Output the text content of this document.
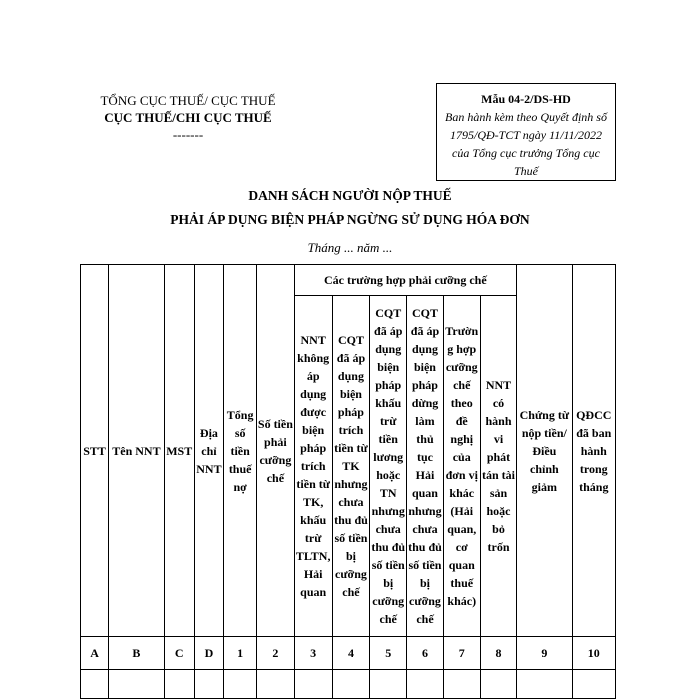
TỔNG CỤC THUẾ/ CỤC THUẾ
CỤC THUẾ/CHI CỤC THUẾ
-------
Mẫu 04-2/DS-HD
Ban hành kèm theo Quyết định số 1795/QĐ-TCT ngày 11/11/2022 của Tổng cục trưởng Tổng cục Thuế
DANH SÁCH NGƯỜI NỘP THUẾ
PHẢI ÁP DỤNG BIỆN PHÁP NGỪNG SỬ DỤNG HÓA ĐƠN
Tháng ... năm ...
STT	Tên NNT	MST	Địa chỉ NNT	Tổng số tiền thuế nợ	Số tiền phải cưỡng chế	Các trường hợp phải cưỡng chế						Chứng từ nộp tiền/Điều chỉnh giảm	QĐCC đã ban hành trong tháng
						NNT không áp dụng được biện pháp trích tiền từ TK, khấu trừ TLTN, Hải quan	CQT đã áp dụng biện pháp trích tiền từ TK nhưng chưa thu đủ số tiền bị cưỡng chế	CQT đã áp dụng biện pháp khấu trừ tiền lương hoặc TN nhưng chưa thu đủ số tiền bị cưỡng chế	CQT đã áp dụng biện pháp dừng làm thủ tục Hải quan nhưng chưa thu đủ số tiền bị cưỡng chế	Trường hợp cưỡng chế theo đề nghị của đơn vị khác (Hải quan, cơ quan thuế khác)	NNT có hành vi phát tán tài sản hoặc bỏ trốn		
A	B	C	D	1	2	3	4	5	6	7	8	9	10
